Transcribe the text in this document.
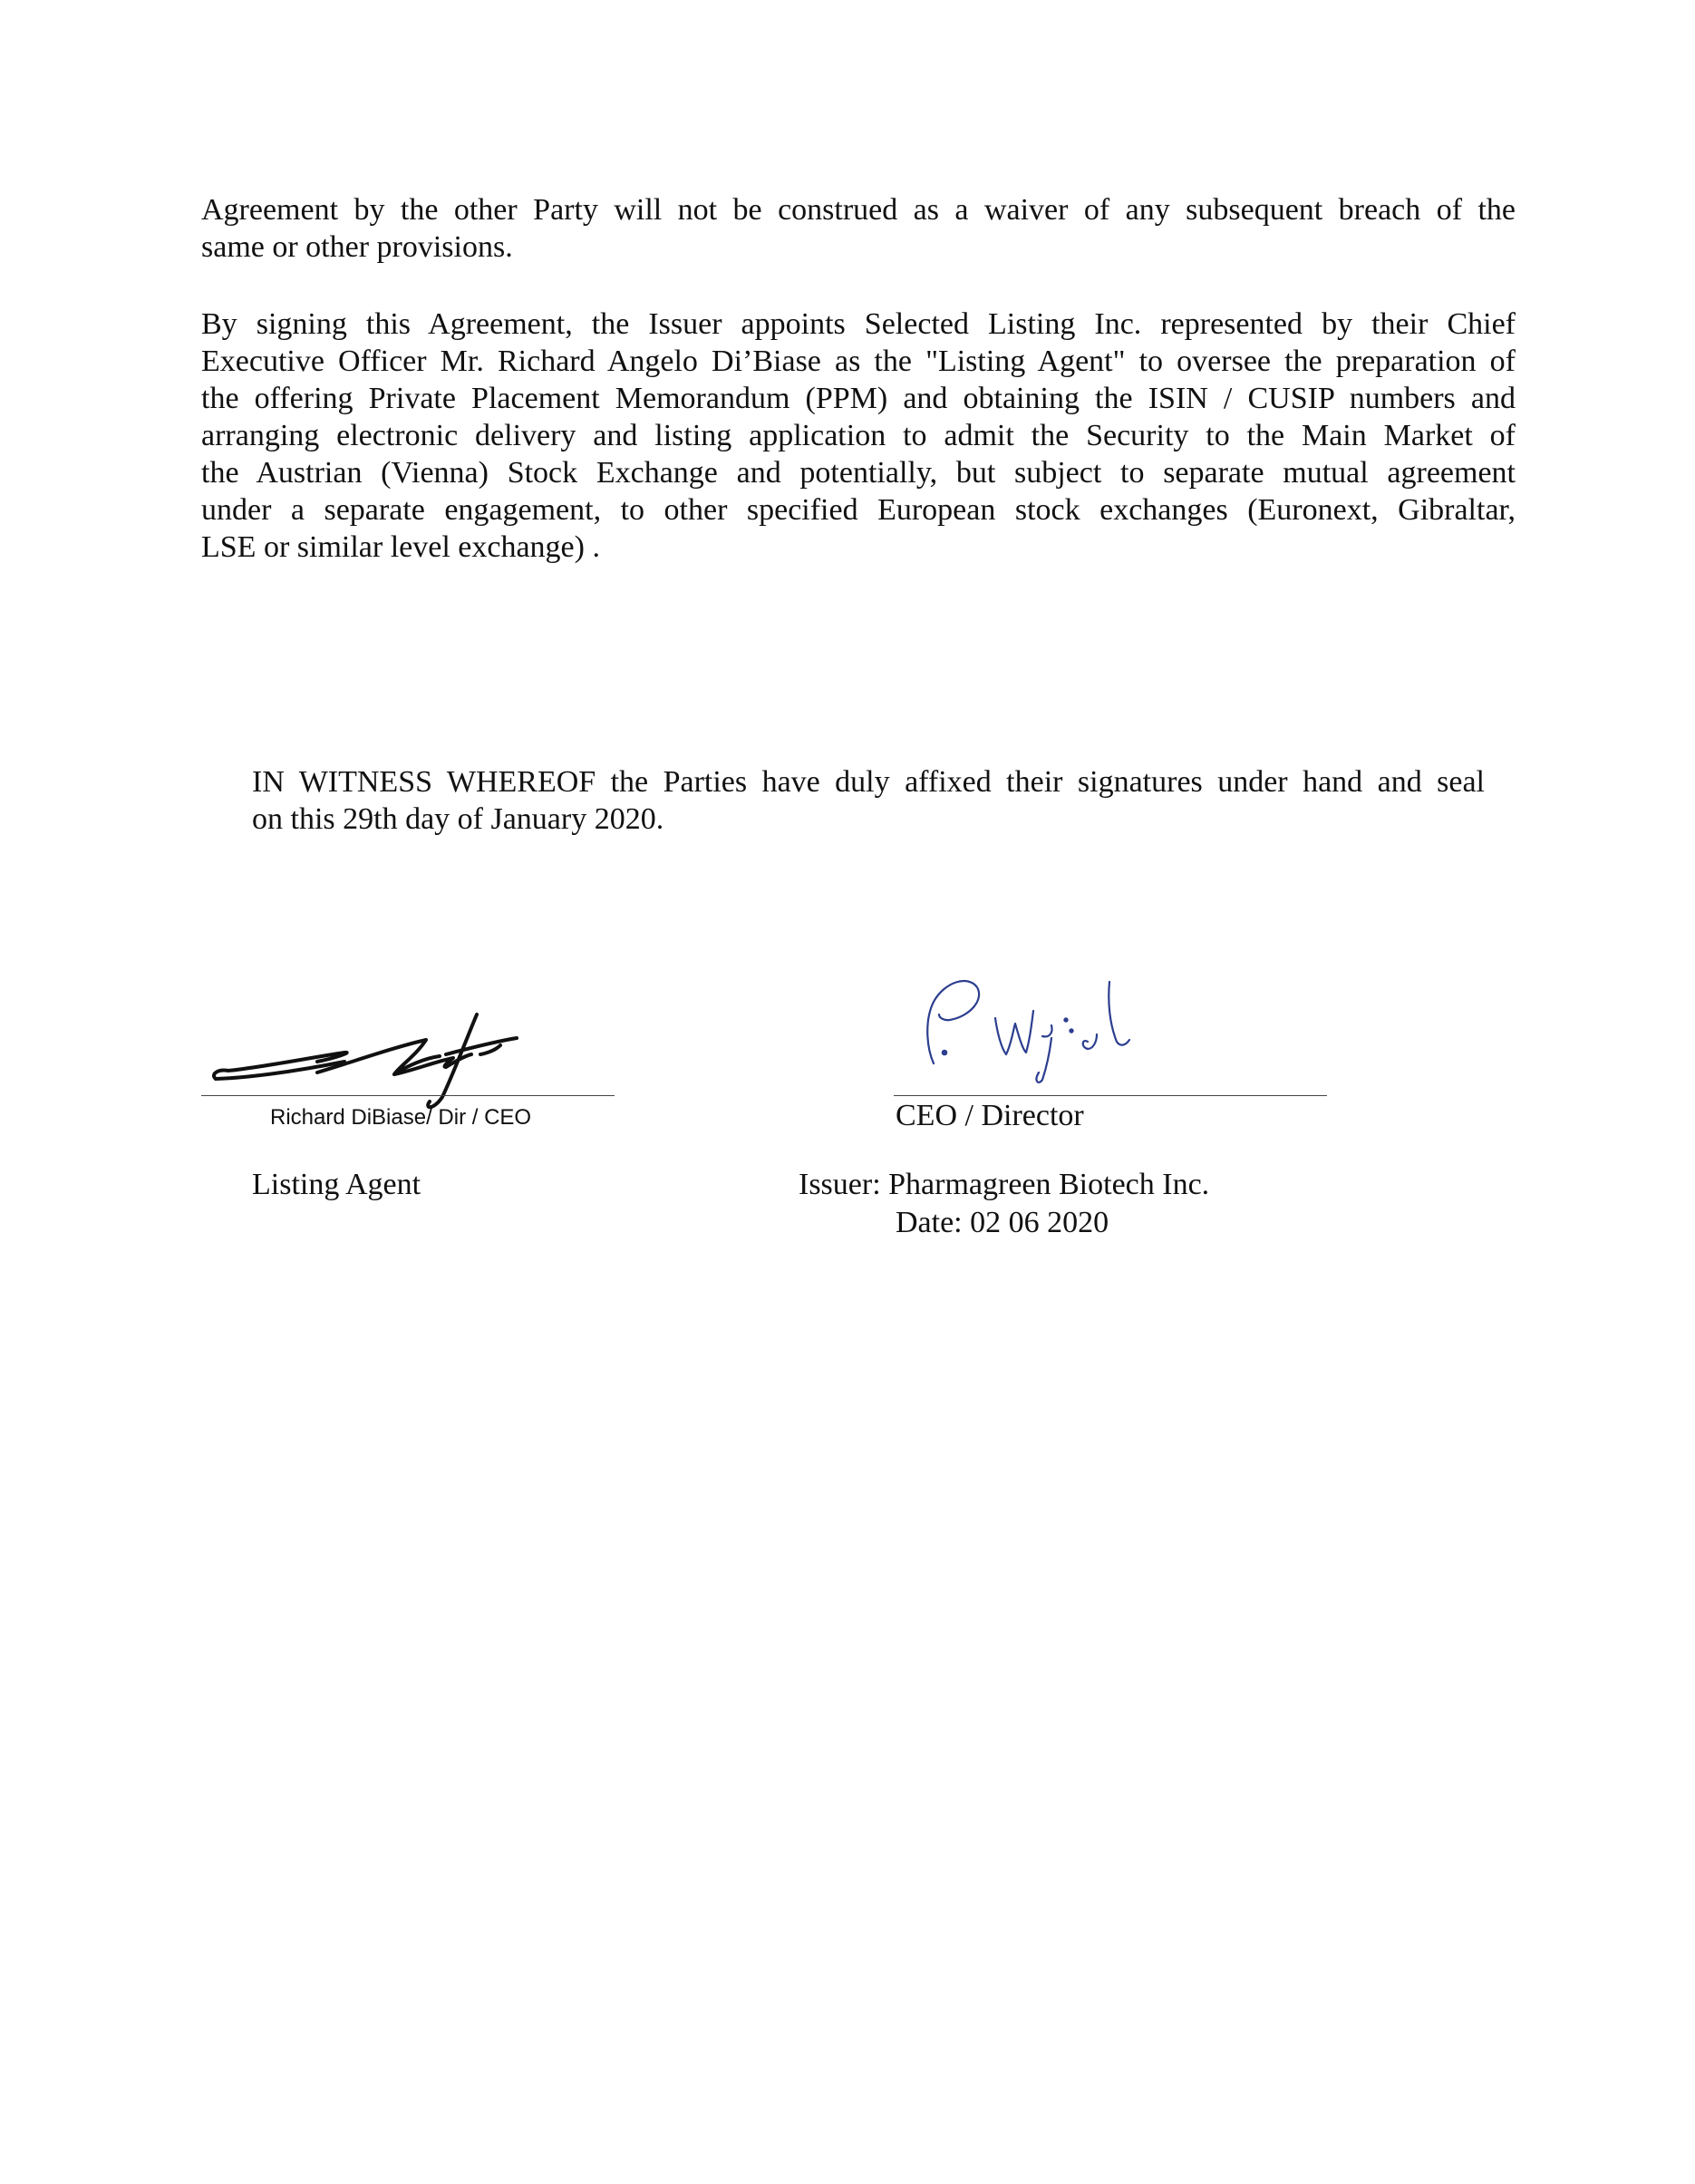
Agreement by the other Party will not be construed as a waiver of any subsequent breach of the
same or other provisions.
By signing this Agreement, the Issuer appoints Selected Listing Inc. represented by their Chief
Executive Officer Mr. Richard Angelo Di’Biase as the "Listing Agent" to oversee the preparation of
the offering Private Placement Memorandum (PPM) and obtaining the ISIN / CUSIP numbers and
arranging electronic delivery and listing application to admit the Security to the Main Market of
the Austrian (Vienna) Stock Exchange and potentially, but subject to separate mutual agreement
under a separate engagement, to other specified European stock exchanges (Euronext, Gibraltar,
LSE or similar level exchange) .
IN WITNESS WHEREOF the Parties have duly affixed their signatures under hand and seal
on this 29th day of January 2020.

Richard DiBiase/ Dir / CEO	CEO / Director

Listing Agent	Issuer: Pharmagreen Biotech Inc.

Date: 02 06 2020
